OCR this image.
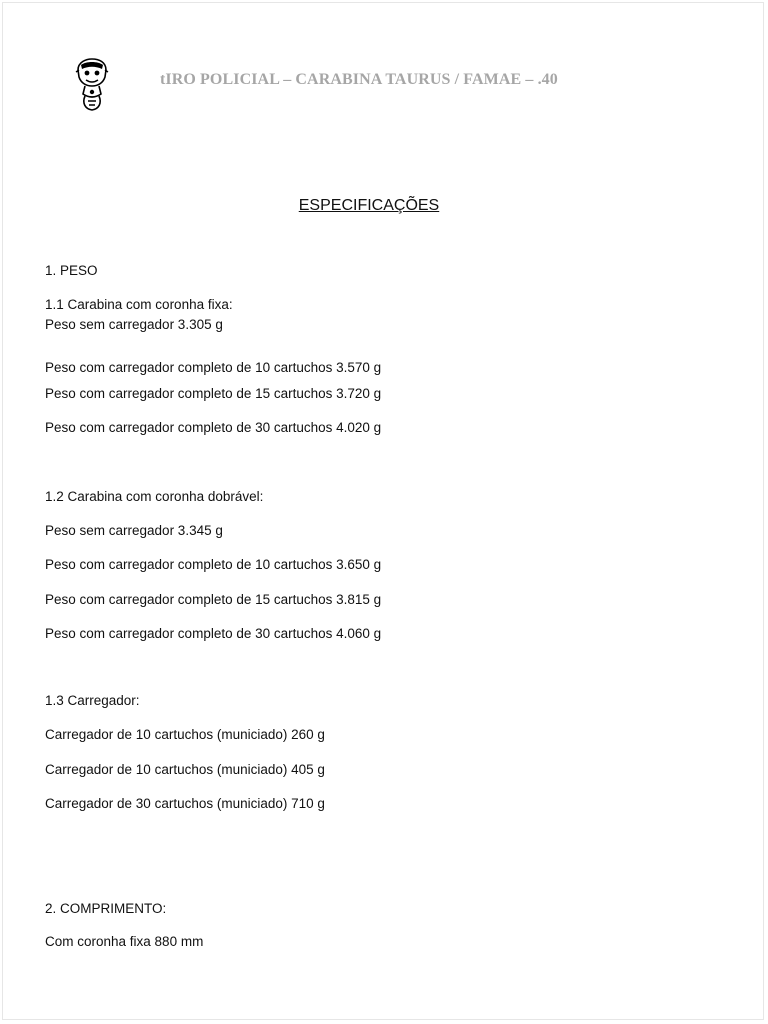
tIRO POLICIAL – CARABINA TAURUS / FAMAE – .40
ESPECIFICAÇÕES
1. PESO
1.1 Carabina com coronha fixa:
Peso sem carregador 3.305 g
Peso com carregador completo de 10 cartuchos 3.570 g
Peso com carregador completo de 15 cartuchos 3.720 g
Peso com carregador completo de 30 cartuchos 4.020 g
1.2 Carabina com coronha dobrável:
Peso sem carregador 3.345 g
Peso com carregador completo de 10 cartuchos 3.650 g
Peso com carregador completo de 15 cartuchos 3.815 g
Peso com carregador completo de 30 cartuchos 4.060 g
1.3 Carregador:
Carregador de 10 cartuchos (municiado) 260 g
Carregador de 10 cartuchos (municiado) 405 g
Carregador de 30 cartuchos (municiado) 710 g
2. COMPRIMENTO:
Com coronha fixa 880 mm
